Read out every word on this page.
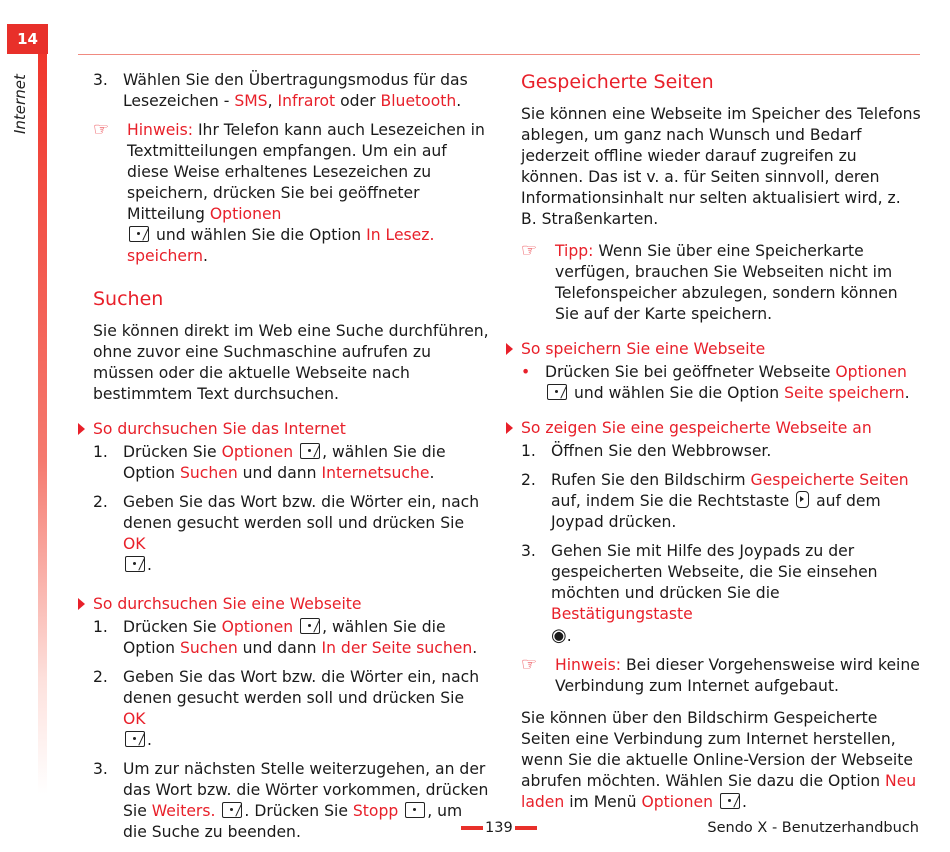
14
Internet	3. Wählen Sie den Übertragungsmodus für das Lesezeichen - SMS, Infrarot oder Bluetooth.
☞	Hinweis: Ihr Telefon kann auch Lesezeichen in Textmitteilungen empfangen. Um ein auf diese Weise erhaltenes Lesezeichen zu speichern, drücken Sie bei geöffneter Mitteilung Optionen
und wählen Sie die Option In Lesez. speichern.
Suchen

Sie können direkt im Web eine Suche durchführen, ohne zuvor eine Suchmaschine aufrufen zu müssen oder die aktuelle Webseite nach bestimmtem Text durchsuchen.

So durchsuchen Sie das Internet
1. Drücken Sie Optionen , wählen Sie die Option Suchen und dann Internetsuche.
2. Geben Sie das Wort bzw. die Wörter ein, nach denen gesucht werden soll und drücken Sie OK
.
So durchsuchen Sie eine Webseite
1. Drücken Sie Optionen , wählen Sie die Option Suchen und dann In der Seite suchen.
2. Geben Sie das Wort bzw. die Wörter ein, nach denen gesucht werden soll und drücken Sie OK
.
3. Um zur nächsten Stelle weiterzugehen, an der das Wort bzw. die Wörter vorkommen, drücken Sie Weiters. . Drücken Sie Stopp , um die Suche zu beenden.
Gespeicherte Seiten

Sie können eine Webseite im Speicher des Telefons ablegen, um ganz nach Wunsch und Bedarf jederzeit offline wieder darauf zugreifen zu können. Das ist v. a. für Seiten sinnvoll, deren Informationsinhalt nur selten aktualisiert wird, z. B. Straßenkarten.

☞	Tipp: Wenn Sie über eine Speicherkarte verfügen, brauchen Sie Webseiten nicht im Telefonspeicher abzulegen, sondern können Sie auf der Karte speichern.
So speichern Sie eine Webseite
• Drücken Sie bei geöffneter Webseite Optionen
und wählen Sie die Option Seite speichern.
So zeigen Sie eine gespeicherte Webseite an
1. Öffnen Sie den Webbrowser.
2. Rufen Sie den Bildschirm Gespeicherte Seiten auf, indem Sie die Rechtstaste  auf dem Joypad drücken.
3. Gehen Sie mit Hilfe des Joypads zu der gespeicherten Webseite, die Sie einsehen möchten und drücken Sie die Bestätigungstaste
◉.
☞	Hinweis: Bei dieser Vorgehensweise wird keine Verbindung zum Internet aufgebaut.

Sie können über den Bildschirm Gespeicherte Seiten eine Verbindung zum Internet herstellen, wenn Sie die aktuelle Online-Version der Webseite abrufen möchten. Wählen Sie dazu die Option Neu laden im Menü Optionen .

139	Sendo X - Benutzerhandbuch
